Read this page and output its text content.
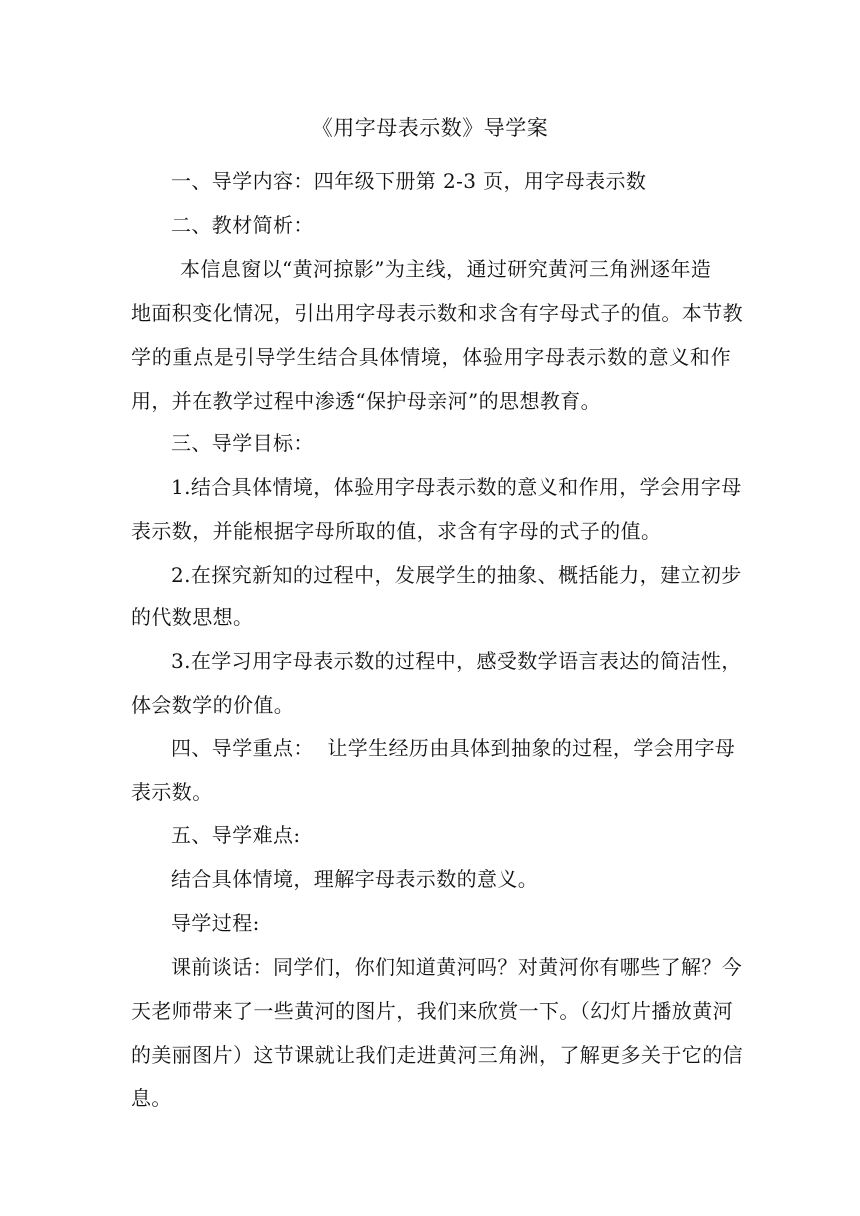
《用字母表示数》导学案
一、导学内容：四年级下册第 2-3 页，用字母表示数
二、教材简析：
本信息窗以“黄河掠影”为主线，通过研究黄河三角洲逐年造
地面积变化情况，引出用字母表示数和求含有字母式子的值。本节教
学的重点是引导学生结合具体情境，体验用字母表示数的意义和作
用，并在教学过程中渗透“保护母亲河”的思想教育。
三、导学目标：
1.结合具体情境，体验用字母表示数的意义和作用，学会用字母
表示数，并能根据字母所取的值，求含有字母的式子的值。
2.在探究新知的过程中，发展学生的抽象、概括能力，建立初步
的代数思想。
3.在学习用字母表示数的过程中，感受数学语言表达的简洁性，
体会数学的价值。
四、导学重点：  让学生经历由具体到抽象的过程，学会用字母
表示数。
五、导学难点:
结合具体情境，理解字母表示数的意义。
导学过程:
课前谈话：同学们，你们知道黄河吗？对黄河你有哪些了解？今
天老师带来了一些黄河的图片，我们来欣赏一下。（幻灯片播放黄河
的美丽图片）这节课就让我们走进黄河三角洲，了解更多关于它的信
息。
